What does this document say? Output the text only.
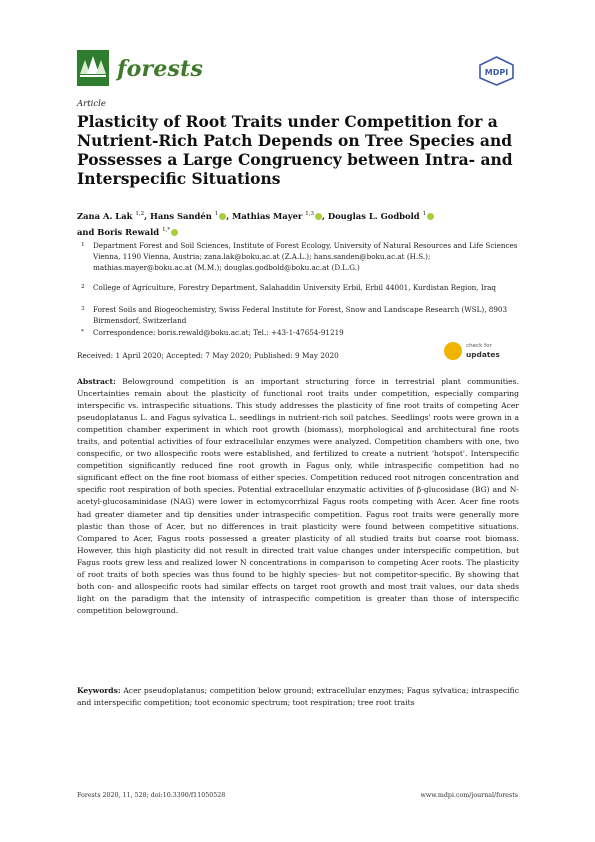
forests	MDPI
Article
Plasticity of Root Traits under Competition for a Nutrient-Rich Patch Depends on Tree Species and Possesses a Large Congruency between Intra- and Interspecific Situations
Zana A. Lak $^{1,2}$, Hans Sandén $^1$ , Mathias Mayer $^{1,3}$ , Douglas L. Godbold $^1$
and Boris Rewald $^{1,*}$
1 Department Forest and Soil Sciences, Institute of Forest Ecology, University of Natural Resources and Life Sciences Vienna, 1190 Vienna, Austria; zana.lak@boku.ac.at (Z.A.L.); hans.sanden@boku.ac.at (H.S.); mathias.mayer@boku.ac.at (M.M.); douglas.godbold@boku.ac.at (D.L.G.)
2 College of Agriculture, Forestry Department, Salahaddin University Erbil, Erbil 44001, Kurdistan Region, Iraq
3 Forest Soils and Biogeochemistry, Swiss Federal Institute for Forest, Snow and Landscape Research (WSL), 8903 Birmensdorf, Switzerland
* Correspondence: boris.rewald@boku.ac.at; Tel.: +43-1-47654-91219
Received: 1 April 2020; Accepted: 7 May 2020; Published: 9 May 2020
check for
updates
Abstract: Belowground competition is an important structuring force in terrestrial plant communities. Uncertainties remain about the plasticity of functional root traits under competition, especially comparing interspecific vs. intraspecific situations. This study addresses the plasticity of fine root traits of competing Acer pseudoplatanus L. and Fagus sylvatica L. seedlings in nutrient-rich soil patches. Seedlings' roots were grown in a competition chamber experiment in which root growth (biomass), morphological and architectural fine roots traits, and potential activities of four extracellular enzymes were analyzed. Competition chambers with one, two conspecific, or two allospecific roots were established, and fertilized to create a nutrient 'hotspot'. Interspecific competition significantly reduced fine root growth in Fagus only, while intraspecific competition had no significant effect on the fine root biomass of either species. Competition reduced root nitrogen concentration and specific root respiration of both species. Potential extracellular enzymatic activities of β-glucosidase (BG) and N-acetyl-glucosaminidase (NAG) were lower in ectomycorrhizal Fagus roots competing with Acer. Acer fine roots had greater diameter and tip densities under intraspecific competition. Fagus root traits were generally more plastic than those of Acer, but no differences in trait plasticity were found between competitive situations. Compared to Acer, Fagus roots possessed a greater plasticity of all studied traits but coarse root biomass. However, this high plasticity did not result in directed trait value changes under interspecific competition, but Fagus roots grew less and realized lower N concentrations in comparison to competing Acer roots. The plasticity of root traits of both species was thus found to be highly species- but not competitor-specific. By showing that both con- and allospecific roots had similar effects on target root growth and most trait values, our data sheds light on the paradigm that the intensity of intraspecific competition is greater than those of interspecific competition belowground.
Keywords: Acer pseudoplatanus; competition below ground; extracellular enzymes; Fagus sylvatica; intraspecific and interspecific competition; toot economic spectrum; toot respiration; tree root traits
Forests 2020, 11, 528; doi:10.3390/f11050528	www.mdpi.com/journal/forests
